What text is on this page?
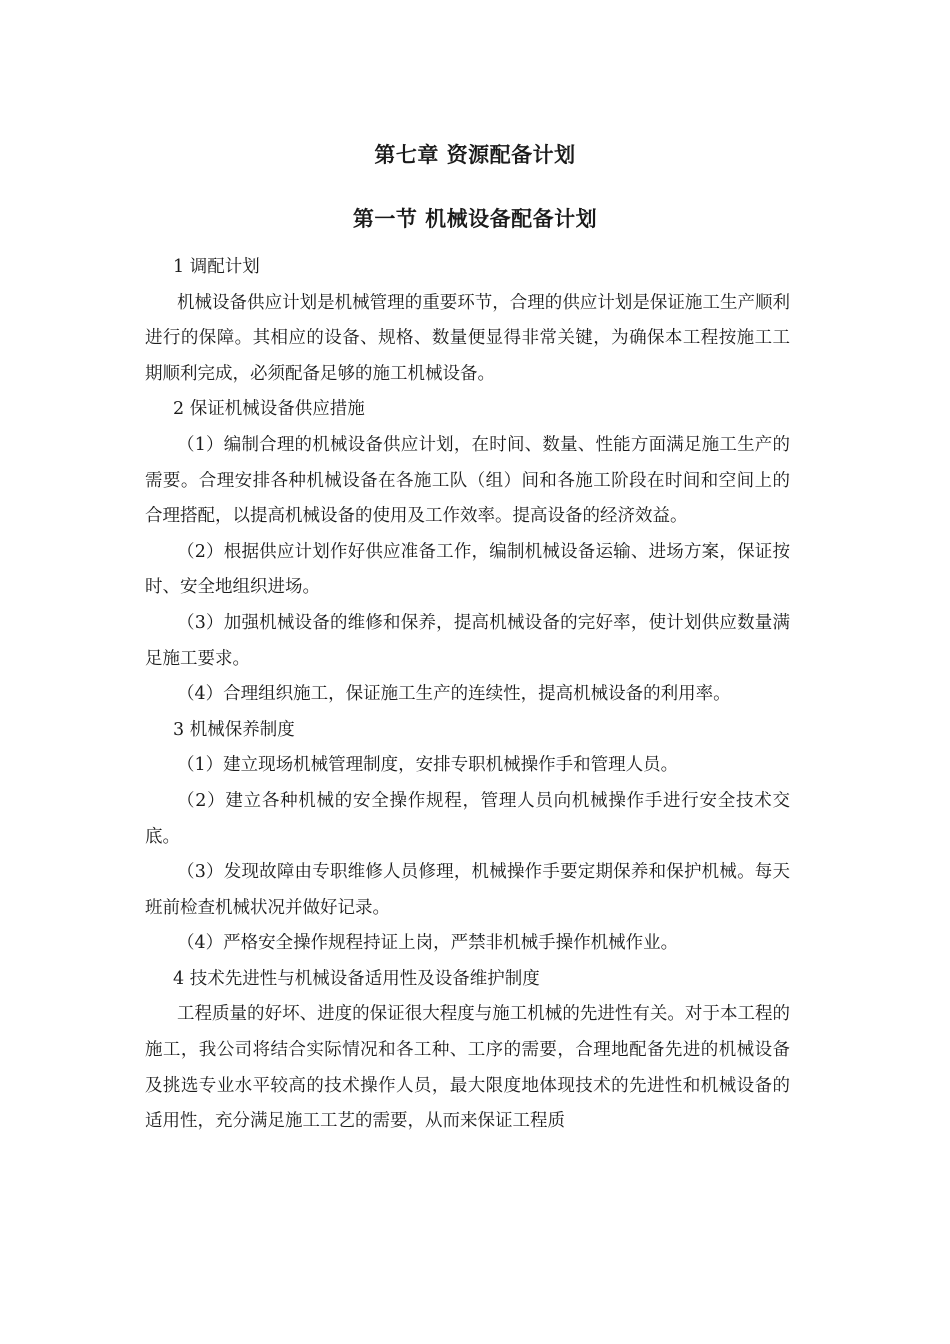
第七章 资源配备计划
第一节 机械设备配备计划

1 调配计划

机械设备供应计划是机械管理的重要环节，合理的供应计划是保证施工生产顺利进行的保障。其相应的设备、规格、数量便显得非常关键，为确保本工程按施工工期顺利完成，必须配备足够的施工机械设备。

2 保证机械设备供应措施

（1）编制合理的机械设备供应计划，在时间、数量、性能方面满足施工生产的需要。合理安排各种机械设备在各施工队（组）间和各施工阶段在时间和空间上的合理搭配，以提高机械设备的使用及工作效率。提高设备的经济效益。

（2）根据供应计划作好供应准备工作，编制机械设备运输、进场方案，保证按时、安全地组织进场。

（3）加强机械设备的维修和保养，提高机械设备的完好率，使计划供应数量满足施工要求。

（4）合理组织施工，保证施工生产的连续性，提高机械设备的利用率。

3 机械保养制度

（1）建立现场机械管理制度，安排专职机械操作手和管理人员。

（2）建立各种机械的安全操作规程，管理人员向机械操作手进行安全技术交底。

（3）发现故障由专职维修人员修理，机械操作手要定期保养和保护机械。每天班前检查机械状况并做好记录。

（4）严格安全操作规程持证上岗，严禁非机械手操作机械作业。

4 技术先进性与机械设备适用性及设备维护制度

工程质量的好坏、进度的保证很大程度与施工机械的先进性有关。对于本工程的施工，我公司将结合实际情况和各工种、工序的需要，合理地配备先进的机械设备及挑选专业水平较高的技术操作人员，最大限度地体现技术的先进性和机械设备的适用性，充分满足施工工艺的需要，从而来保证工程质
